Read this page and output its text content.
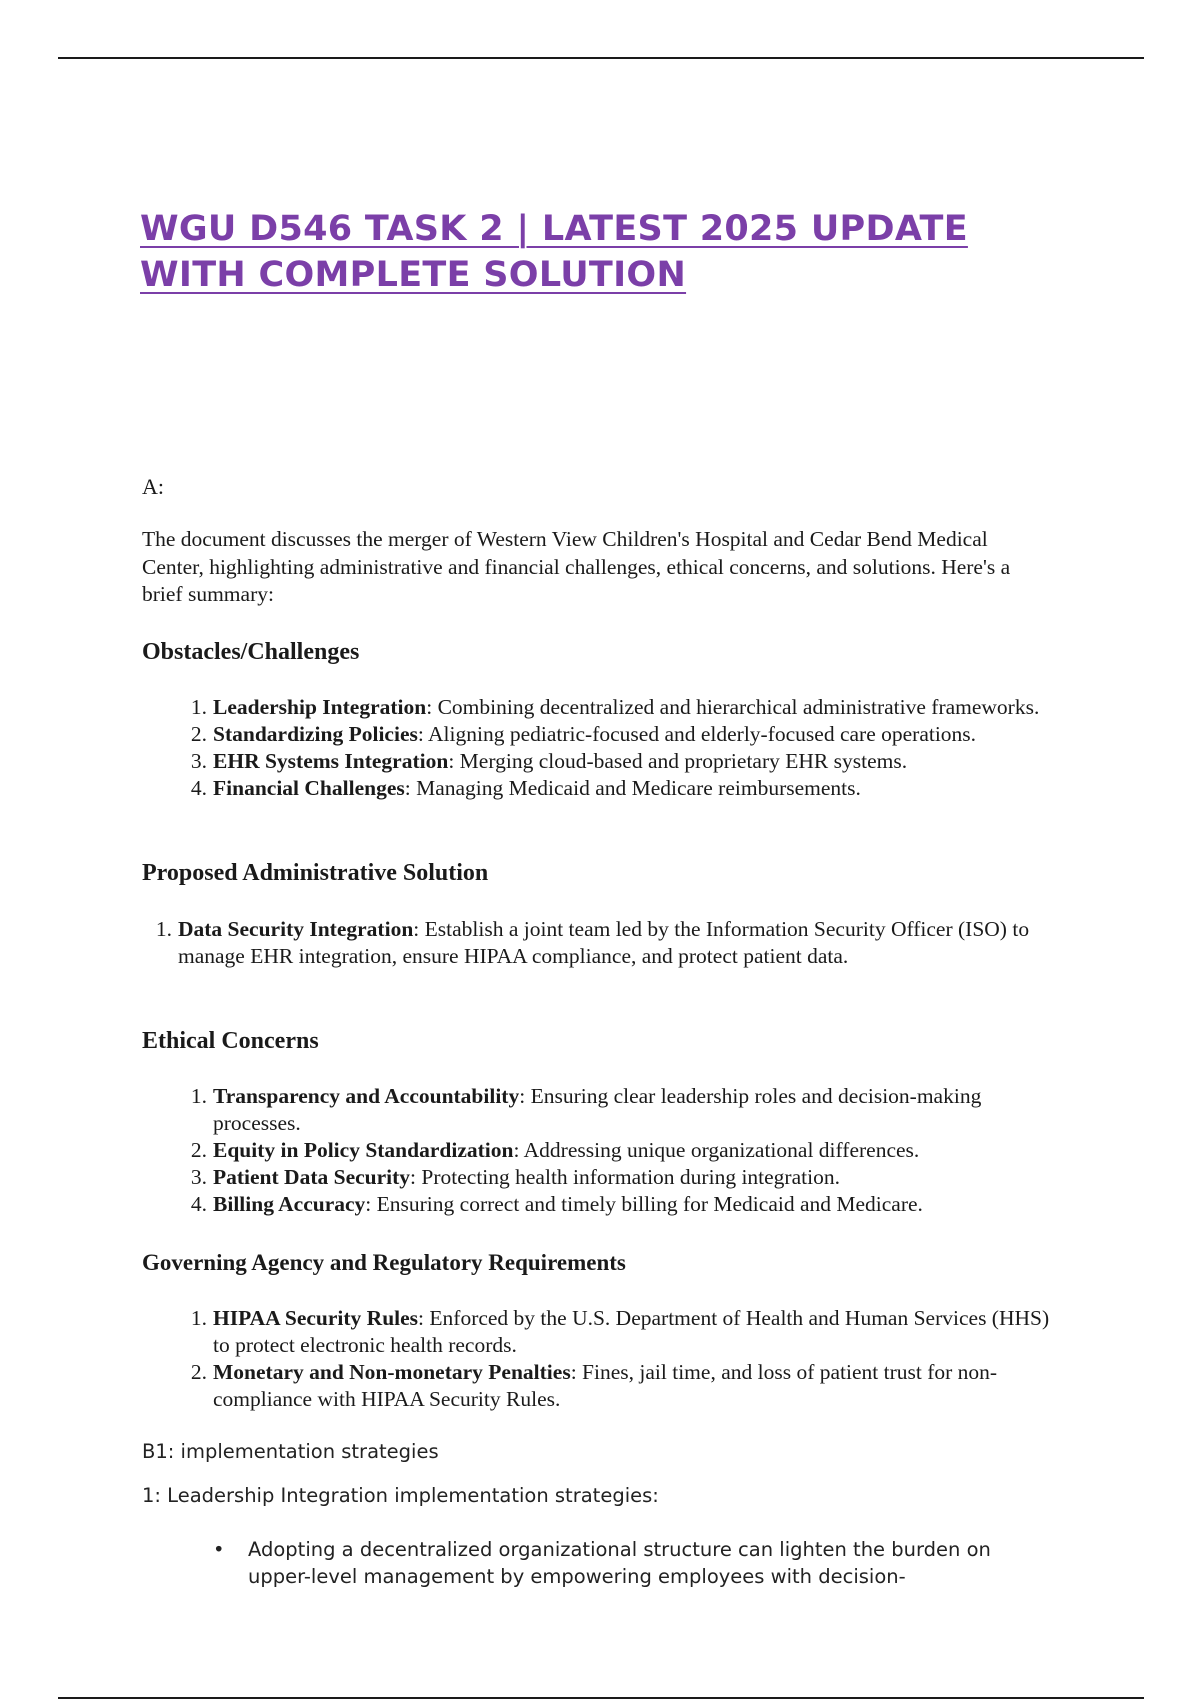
WGU D546 TASK 2 | LATEST 2025 UPDATE WITH COMPLETE SOLUTION
A:
The document discusses the merger of Western View Children's Hospital and Cedar Bend Medical Center, highlighting administrative and financial challenges, ethical concerns, and solutions. Here's a brief summary:
Obstacles/Challenges
1. Leadership Integration: Combining decentralized and hierarchical administrative frameworks.
2. Standardizing Policies: Aligning pediatric-focused and elderly-focused care operations.
3. EHR Systems Integration: Merging cloud-based and proprietary EHR systems.
4. Financial Challenges: Managing Medicaid and Medicare reimbursements.
Proposed Administrative Solution
1. Data Security Integration: Establish a joint team led by the Information Security Officer (ISO) to manage EHR integration, ensure HIPAA compliance, and protect patient data.
Ethical Concerns
1. Transparency and Accountability: Ensuring clear leadership roles and decision-making processes.
2. Equity in Policy Standardization: Addressing unique organizational differences.
3. Patient Data Security: Protecting health information during integration.
4. Billing Accuracy: Ensuring correct and timely billing for Medicaid and Medicare.
Governing Agency and Regulatory Requirements
1. HIPAA Security Rules: Enforced by the U.S. Department of Health and Human Services (HHS) to protect electronic health records.
2. Monetary and Non-monetary Penalties: Fines, jail time, and loss of patient trust for non-compliance with HIPAA Security Rules.
B1: implementation strategies
1: Leadership Integration implementation strategies:
• Adopting a decentralized organizational structure can lighten the burden on upper-level management by empowering employees with decision-
